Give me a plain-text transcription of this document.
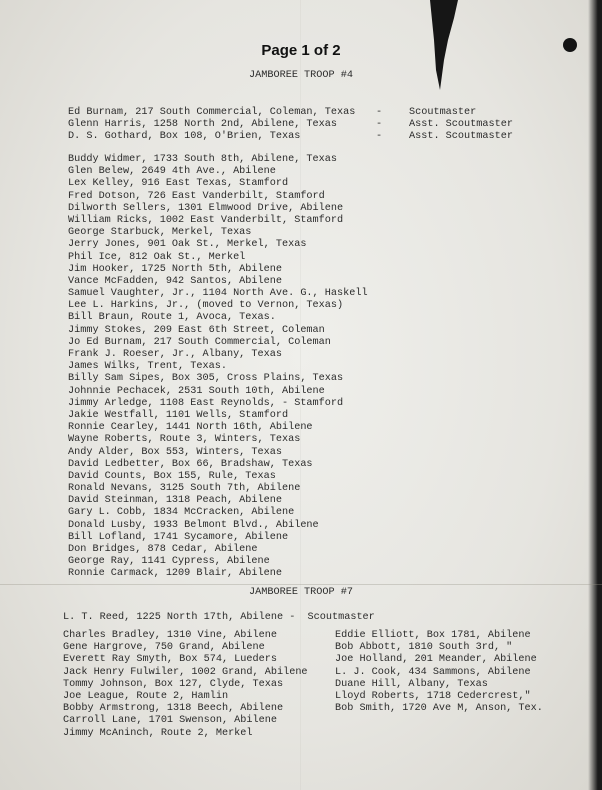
Page 1 of 2
JAMBOREE TROOP #4
Ed Burnam, 217 South Commercial, Coleman, Texas -	Scoutmaster
Glenn Harris, 1258 North 2nd, Abilene, Texas	-	Asst. Scoutmaster
D. S. Gothard, Box 108, O'Brien, Texas	-	Asst. Scoutmaster
Buddy Widmer, 1733 South 8th, Abilene, Texas
Glen Belew, 2649 4th Ave., Abilene
Lex Kelley, 916 East Texas, Stamford
Fred Dotson, 726 East Vanderbilt, Stamford
Dilworth Sellers, 1301 Elmwood Drive, Abilene
William Ricks, 1002 East Vanderbilt, Stamford
George Starbuck, Merkel, Texas
Jerry Jones, 901 Oak St., Merkel, Texas
Phil Ice, 812 Oak St., Merkel
Jim Hooker, 1725 North 5th, Abilene
Vance McFadden, 942 Santos, Abilene
Samuel Vaughter, Jr., 1104 North Ave. G., Haskell
Lee L. Harkins, Jr., (moved to Vernon, Texas)
Bill Braun, Route 1, Avoca, Texas.
Jimmy Stokes, 209 East 6th Street, Coleman
Jo Ed Burnam, 217 South Commercial, Coleman
Frank J. Roeser, Jr., Albany, Texas
James Wilks, Trent, Texas.
Billy Sam Sipes, Box 305, Cross Plains, Texas
Johnnie Pechacek, 2531 South 10th, Abilene
Jimmy Arledge, 1108 East Reynolds, - Stamford
Jakie Westfall, 1101 Wells, Stamford
Ronnie Cearley, 1441 North 16th, Abilene
Wayne Roberts, Route 3, Winters, Texas
Andy Alder, Box 553, Winters, Texas
David Ledbetter, Box 66, Bradshaw, Texas
David Counts, Box 155, Rule, Texas
Ronald Nevans, 3125 South 7th, Abilene
David Steinman, 1318 Peach, Abilene
Gary L. Cobb, 1834 McCracken, Abilene
Donald Lusby, 1933 Belmont Blvd., Abilene
Bill Lofland, 1741 Sycamore, Abilene
Don Bridges, 878 Cedar, Abilene
George Ray, 1141 Cypress, Abilene
Ronnie Carmack, 1209 Blair, Abilene
JAMBOREE TROOP #7
L. T. Reed, 1225 North 17th, Abilene -  Scoutmaster
Charles Bradley, 1310 Vine, Abilene
Gene Hargrove, 750 Grand, Abilene
Everett Ray Smyth, Box 574, Lueders
Jack Henry Fulwiler, 1002 Grand, Abilene
Tommy Johnson, Box 127, Clyde, Texas
Joe League, Route 2, Hamlin
Bobby Armstrong, 1318 Beech, Abilene
Carroll Lane, 1701 Swenson, Abilene
Jimmy McAninch, Route 2, Merkel
Eddie Elliott, Box 1781, Abilene
Bob Abbott, 1810 South 3rd, "
Joe Holland, 201 Meander, Abilene
L. J. Cook, 434 Sammons, Abilene
Duane Hill, Albany, Texas
Lloyd Roberts, 1718 Cedercrest,"
Bob Smith, 1720 Ave M, Anson, Tex.
